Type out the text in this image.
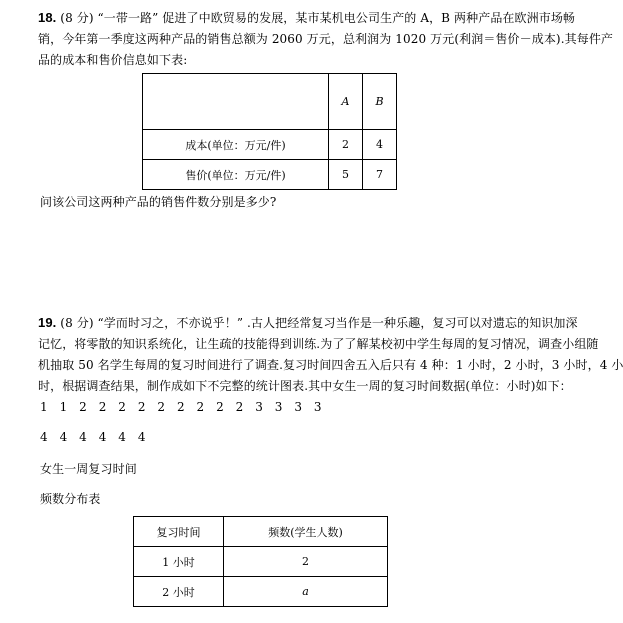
18. (8 分) “一带一路” 促进了中欧贸易的发展，某市某机电公司生产的 A，B 两种产品在欧洲市场畅
销，今年第一季度这两种产品的销售总额为 2060 万元，总利润为 1020 万元(利润＝售价－成本).其每件产
品的成本和售价信息如下表:
	A	B
成本(单位：万元/件)	2	4
售价(单位：万元/件)	5	7
问该公司这两种产品的销售件数分别是多少?
19. (8 分) “学而时习之，不亦说乎！” .古人把经常复习当作是一种乐趣，复习可以对遗忘的知识加深
记忆，将零散的知识系统化，让生疏的技能得到训练.为了了解某校初中学生每周的复习情况，调查小组随
机抽取 50 名学生每周的复习时间进行了调查.复习时间四舍五入后只有 4 种：1 小时，2 小时，3 小时，4 小
时，根据调查结果，制作成如下不完整的统计图表.其中女生一周的复习时间数据(单位：小时)如下：
1  1  2  2  2  2  2  2  2  2  2  3  3  3  3
4  4  4  4  4  4
女生一周复习时间
频数分布表
复习时间	频数(学生人数)
1 小时	2
2 小时	a
